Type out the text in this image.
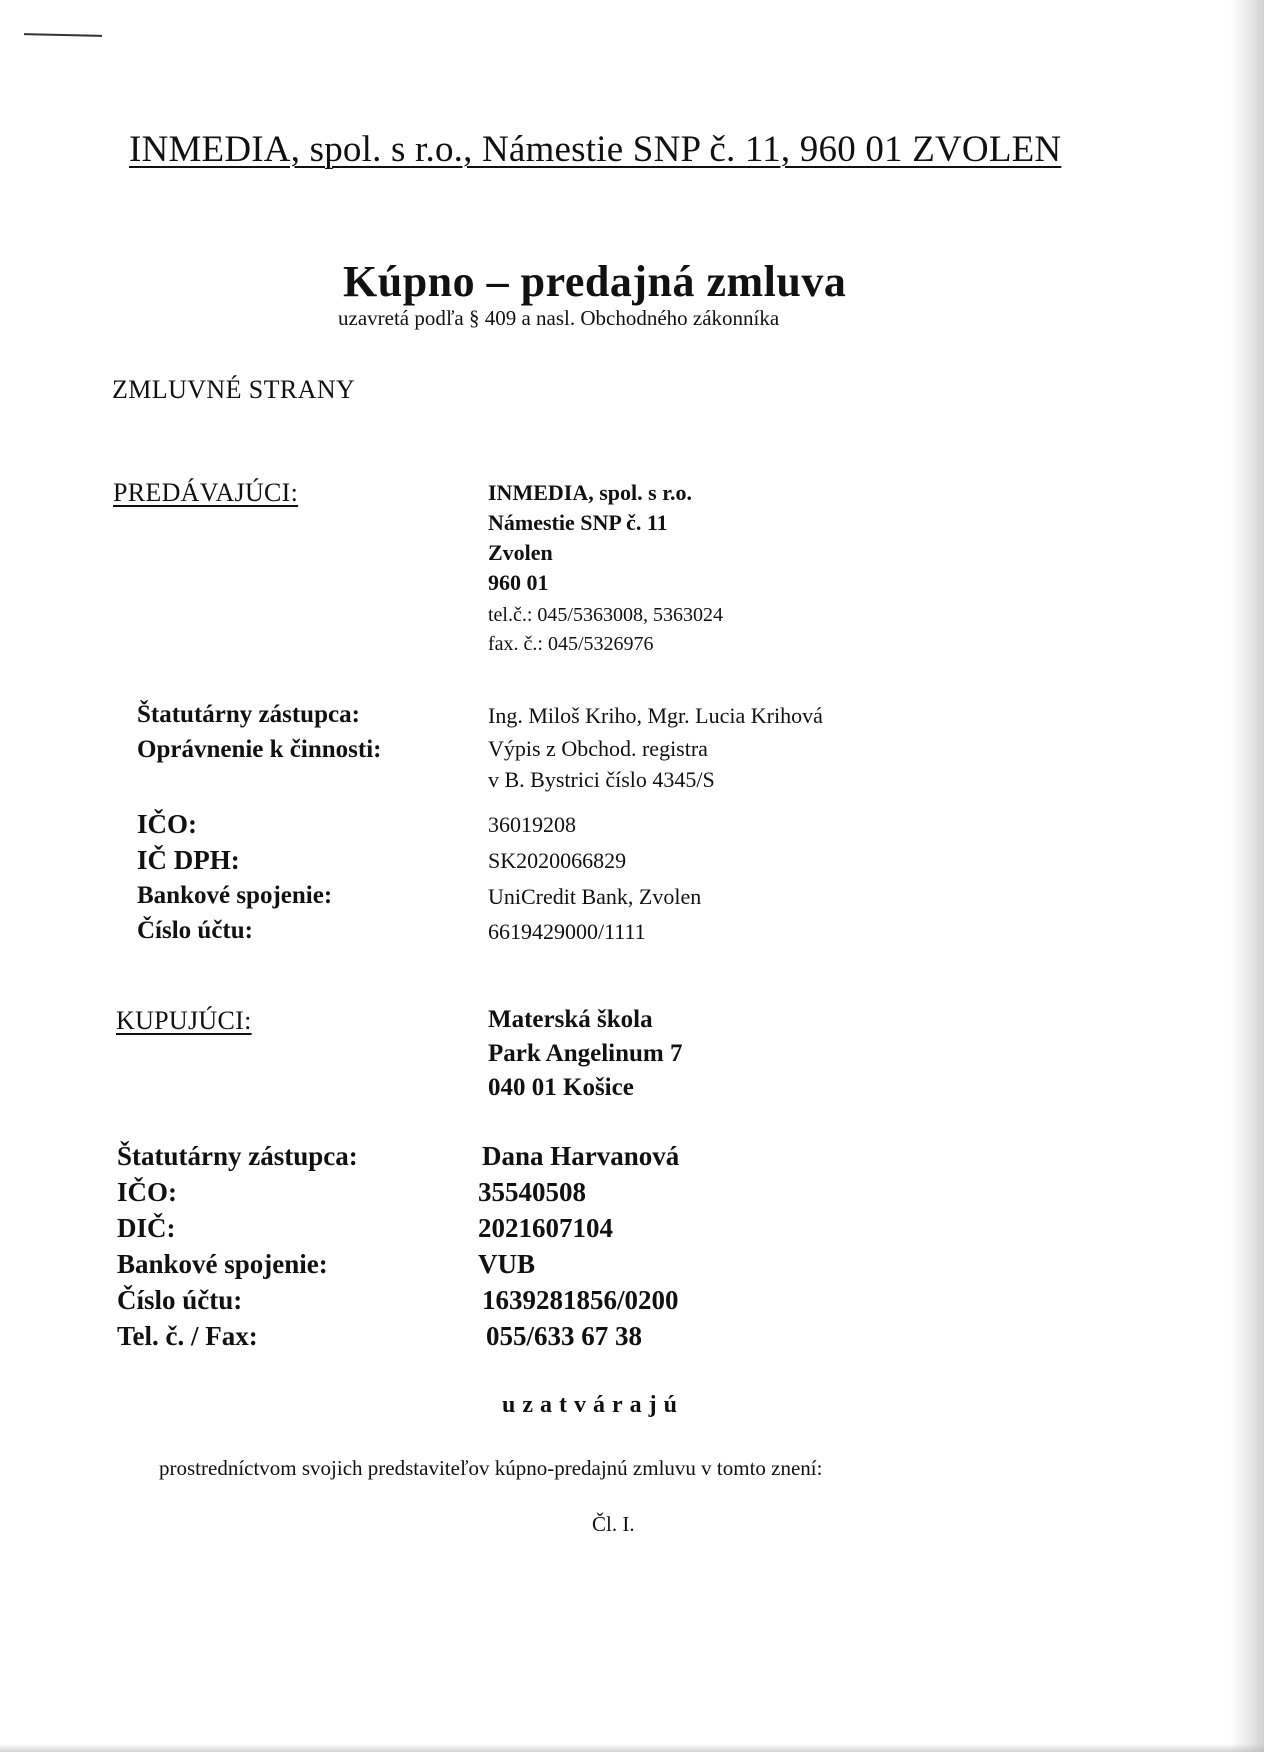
INMEDIA, spol. s r.o., Námestie SNP č. 11, 960 01 ZVOLEN
Kúpno – predajná zmluva
uzavretá podľa § 409 a nasl. Obchodného zákonníka
ZMLUVNÉ STRANY
PREDÁVAJÚCI:	INMEDIA, spol. s r.o.
Námestie SNP č. 11
Zvolen
960 01
tel.č.: 045/5363008, 5363024
fax. č.: 045/5326976
Štatutárny zástupca:
Oprávnenie k činnosti:
IČO:
IČ DPH:
Bankové spojenie:
Číslo účtu:
Ing. Miloš Kriho, Mgr. Lucia Krihová
Výpis z Obchod. registra
v B. Bystrici číslo 4345/S
36019208
SK2020066829
UniCredit Bank, Zvolen
6619429000/1111
KUPUJÚCI:	Materská škola
Park Angelinum 7
040 01 Košice
Štatutárny zástupca:
IČO:
DIČ:
Bankové spojenie:
Číslo účtu:
Tel. č. / Fax:
Dana Harvanová
35540508
2021607104
VUB
1639281856/0200
055/633 67 38
uzatvárajú
prostredníctvom svojich predstaviteľov kúpno-predajnú zmluvu v tomto znení:
Čl. I.
